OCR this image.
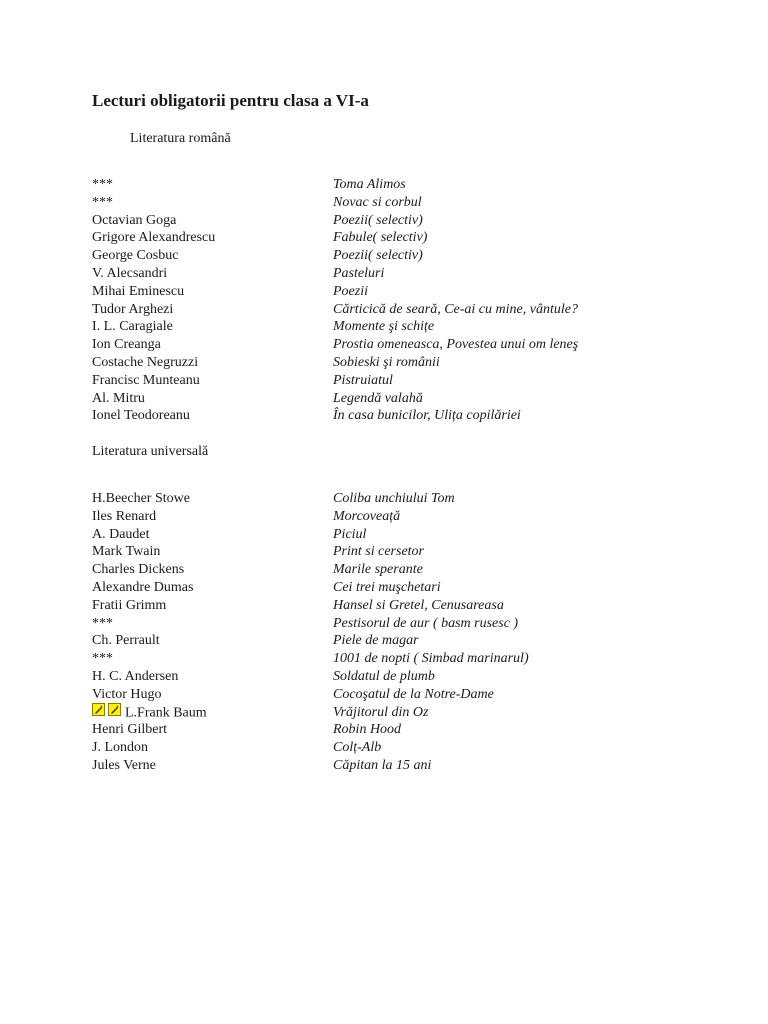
Lecturi obligatorii pentru clasa a VI-a
Literatura română
***	Toma Alimos
***	Novac si corbul
Octavian Goga	Poezii( selectiv)
Grigore Alexandrescu	Fabule( selectiv)
George Cosbuc	Poezii( selectiv)
V. Alecsandri	Pasteluri
Mihai Eminescu	Poezii
Tudor Arghezi	Cărticică de seară, Ce-ai cu mine, vântule?
I. L. Caragiale	Momente şi schițe
Ion Creanga	Prostia omeneasca, Povestea unui om leneş
Costache Negruzzi	Sobieski şi românii
Francisc Munteanu	Pistruiatul
Al. Mitru	Legendă valahă
Ionel Teodoreanu	În casa bunicilor, Ulița copilăriei
Literatura universală
H.Beecher Stowe	Coliba unchiului Tom
Iles Renard	Morcoveață
A. Daudet	Piciul
Mark Twain	Print si cersetor
Charles Dickens	Marile sperante
Alexandre Dumas	Cei trei muşchetari
Fratii Grimm	Hansel si Gretel, Cenusareasa
***	Pestisorul de aur ( basm rusesc )
Ch. Perrault	Piele de magar
***	1001 de nopti ( Simbad marinarul)
H. C. Andersen	Soldatul de plumb
Victor Hugo	Cocoşatul de la Notre-Dame
L.Frank Baum	Vrăjitorul din Oz
Henri Gilbert	Robin Hood
J. London	Colț-Alb
Jules Verne	Căpitan la 15 ani
